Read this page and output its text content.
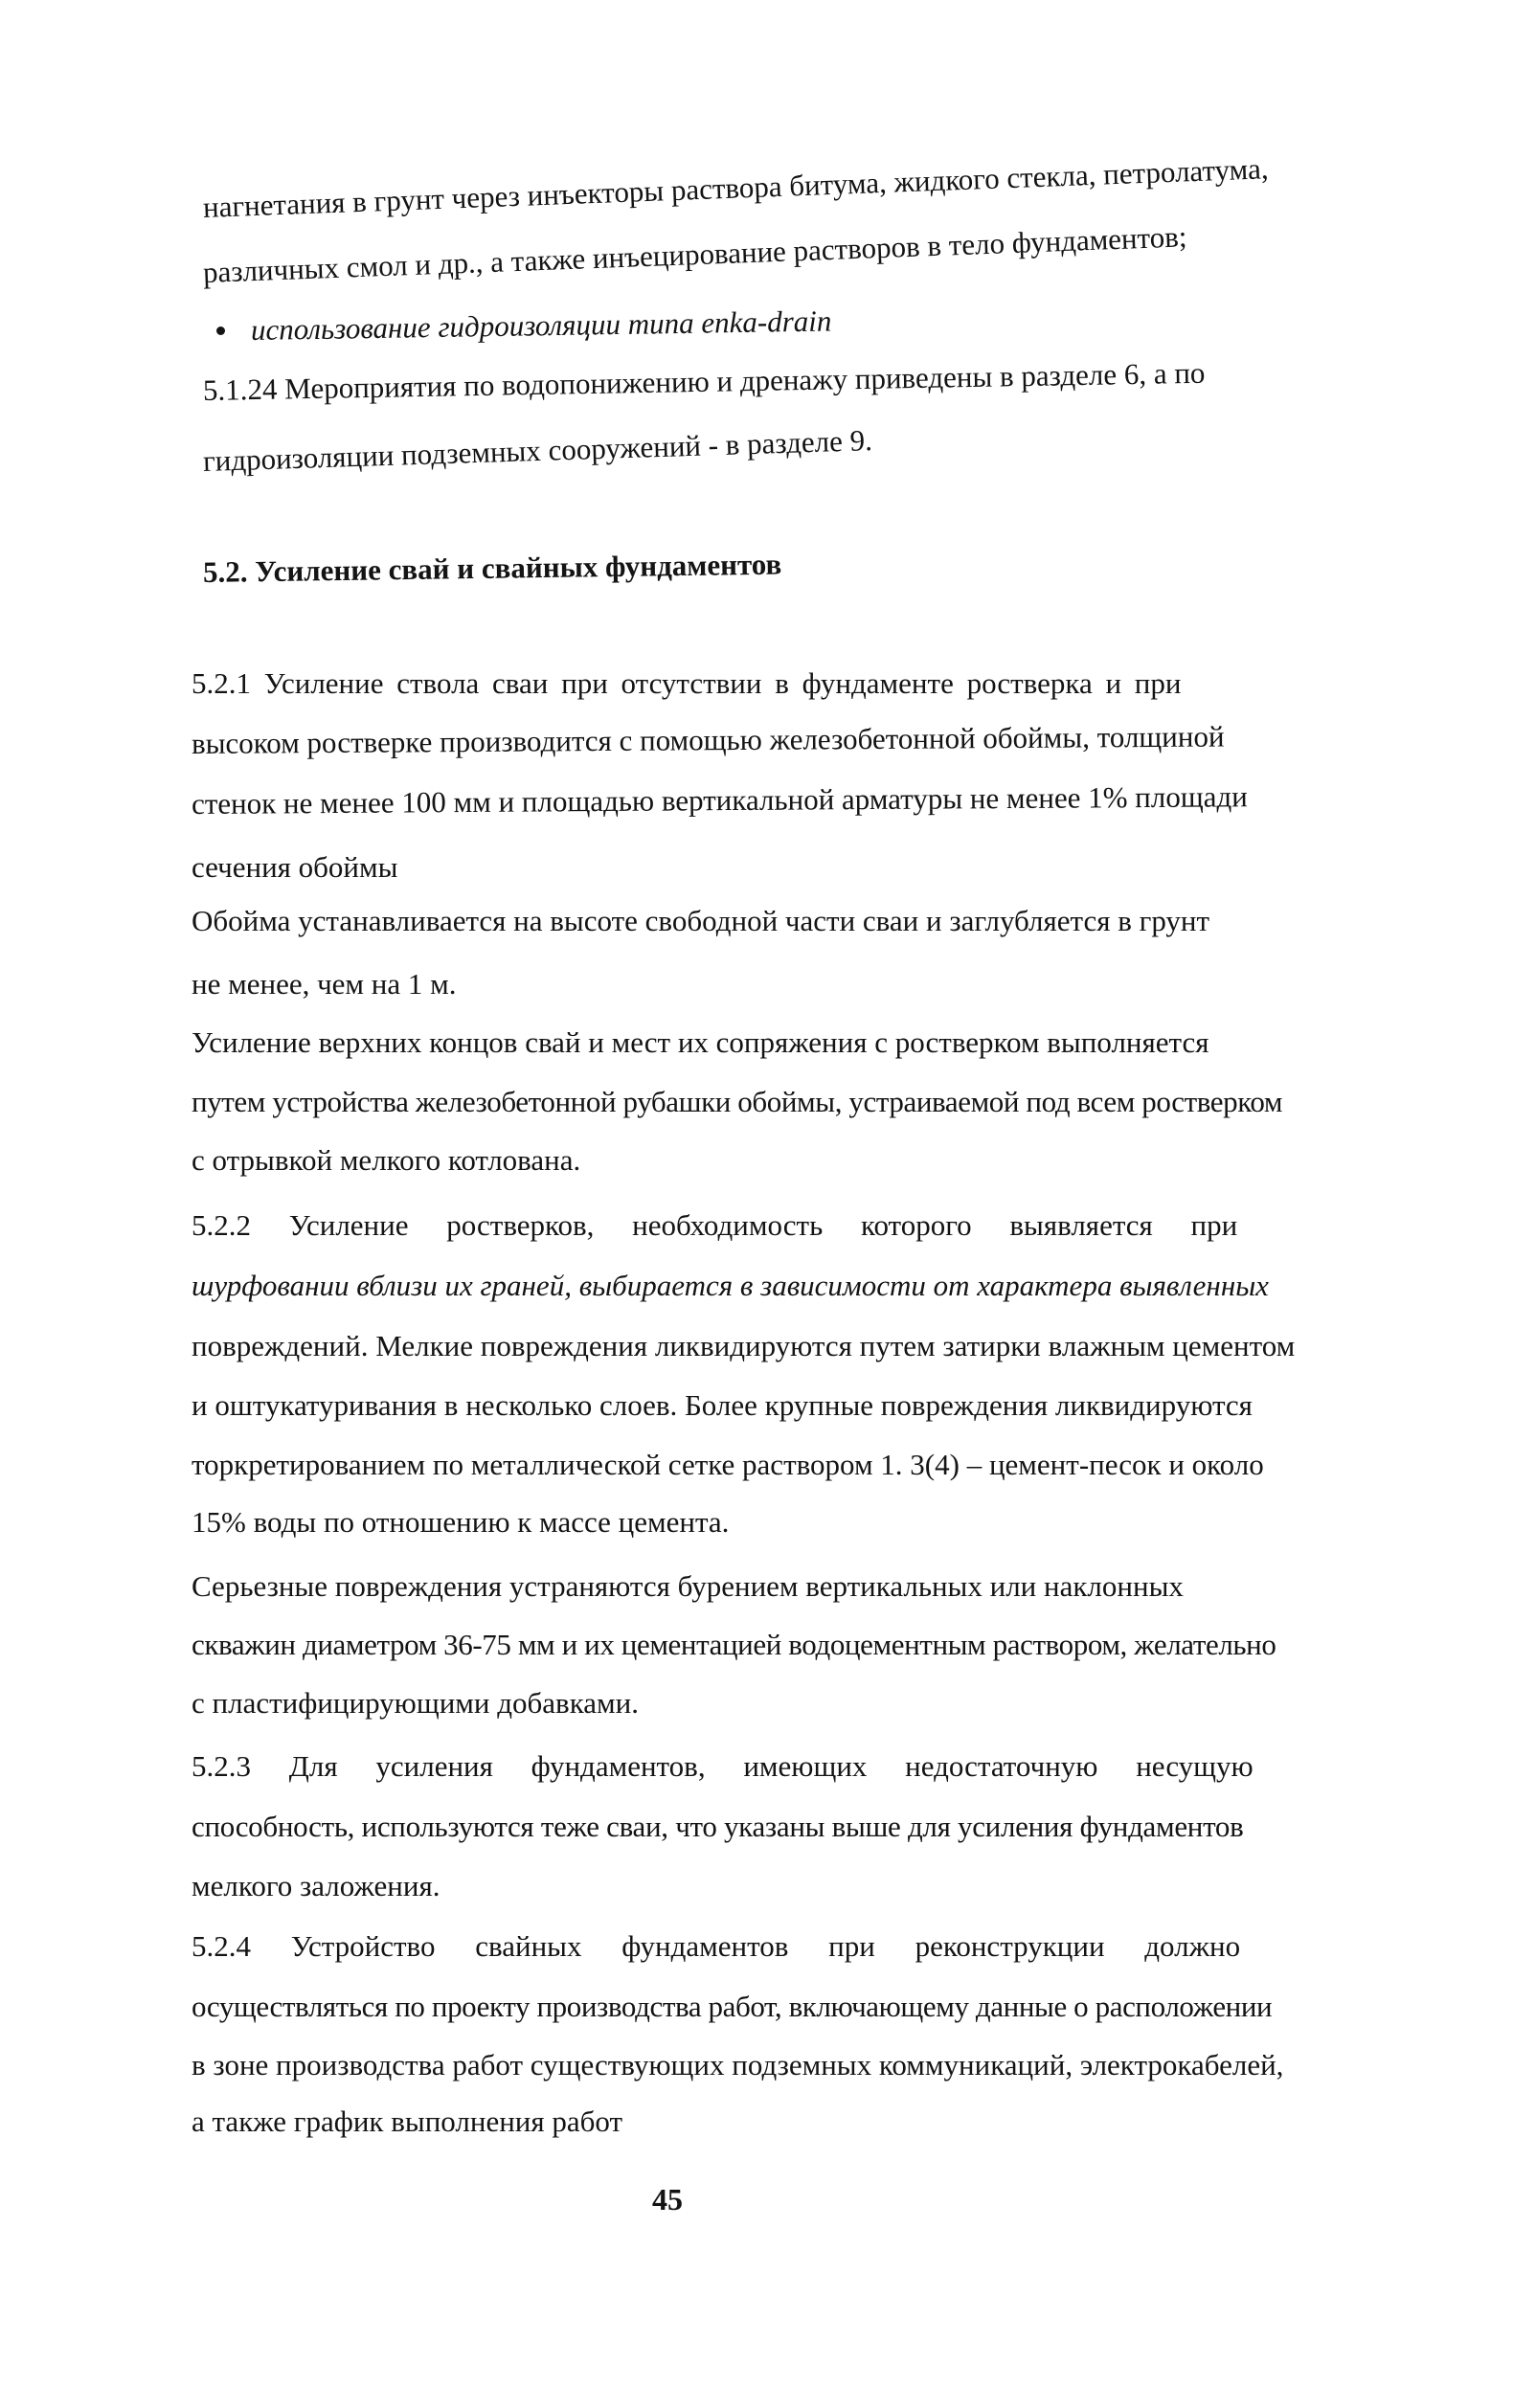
нагнетания в грунт через инъекторы раствора битума, жидкого стекла, петролатума,
различных смол и др., а также инъецирование растворов в тело фундаментов;
использование гидроизоляции типа enka-drain
5.1.24 Мероприятия по водопонижению и дренажу приведены в разделе 6, а по
гидроизоляции подземных сооружений - в разделе 9.
5.2. Усиление свай и свайных фундаментов
5.2.1 Усиление ствола сваи при отсутствии в фундаменте ростверка и при
высоком ростверке производится с помощью железобетонной обоймы, толщиной
стенок не менее 100 мм и площадью вертикальной арматуры не менее 1% площади
сечения обоймы
Обойма устанавливается на высоте свободной части сваи и заглубляется в грунт
не менее, чем на 1 м.
Усиление верхних концов свай и мест их сопряжения с ростверком выполняется
путем устройства железобетонной рубашки обоймы, устраиваемой под всем ростверком
с отрывкой мелкого котлована.
5.2.2 Усиление ростверков, необходимость которого выявляется при
шурфовании вблизи их граней, выбирается в зависимости от характера выявленных
повреждений. Мелкие повреждения ликвидируются путем затирки влажным цементом
и оштукатуривания в несколько слоев. Более крупные повреждения ликвидируются
торкретированием по металлической сетке раствором 1. 3(4) – цемент-песок и около
15% воды по отношению к массе цемента.
Серьезные повреждения устраняются бурением вертикальных или наклонных
скважин диаметром 36-75 мм и их цементацией водоцементным раствором, желательно
с пластифицирующими добавками.
5.2.3 Для усиления фундаментов, имеющих недостаточную несущую
способность, используются теже сваи, что указаны выше для усиления фундаментов
мелкого заложения.
5.2.4 Устройство свайных фундаментов при реконструкции должно
осуществляться по проекту производства работ, включающему данные о расположении
в зоне производства работ существующих подземных коммуникаций, электрокабелей,
а также график выполнения работ
45
